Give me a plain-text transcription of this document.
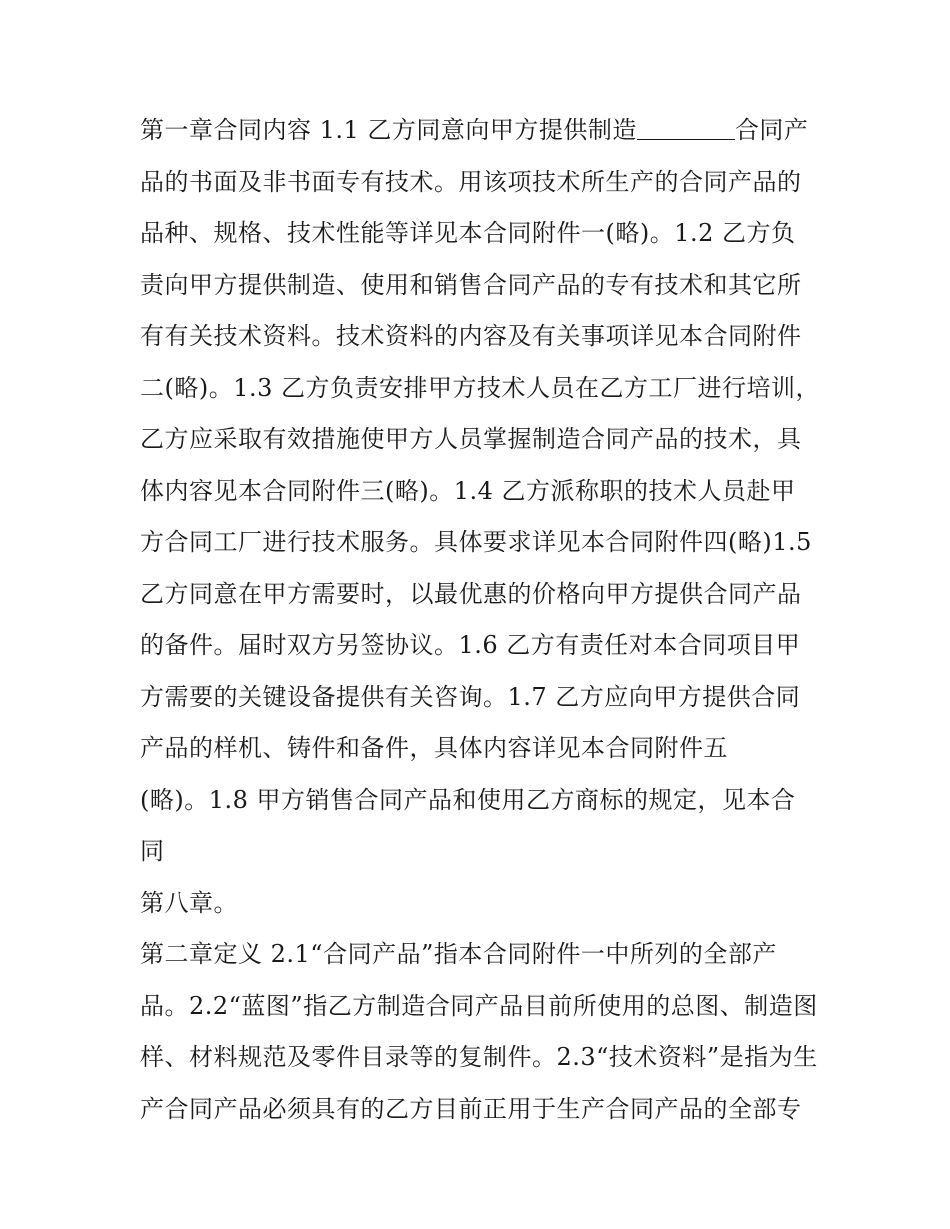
第一章合同内容 1.1 乙方同意向甲方提供制造	合同产
品的书面及非书面专有技术。用该项技术所生产的合同产品的
品种、规格、技术性能等详见本合同附件一(略)。1.2 乙方负
责向甲方提供制造、使用和销售合同产品的专有技术和其它所
有有关技术资料。技术资料的内容及有关事项详见本合同附件
二(略)。1.3 乙方负责安排甲方技术人员在乙方工厂进行培训，
乙方应采取有效措施使甲方人员掌握制造合同产品的技术，具
体内容见本合同附件三(略)。1.4 乙方派称职的技术人员赴甲
方合同工厂进行技术服务。具体要求详见本合同附件四(略)1.5
乙方同意在甲方需要时，以最优惠的价格向甲方提供合同产品
的备件。届时双方另签协议。1.6 乙方有责任对本合同项目甲
方需要的关键设备提供有关咨询。1.7 乙方应向甲方提供合同
产品的样机、铸件和备件，具体内容详见本合同附件五
(略)。1.8 甲方销售合同产品和使用乙方商标的规定，见本合
同
第八章。
第二章定义 2.1“合同产品”指本合同附件一中所列的全部产
品。2.2“蓝图”指乙方制造合同产品目前所使用的总图、制造图
样、材料规范及零件目录等的复制件。2.3“技术资料”是指为生
产合同产品必须具有的乙方目前正用于生产合同产品的全部专
